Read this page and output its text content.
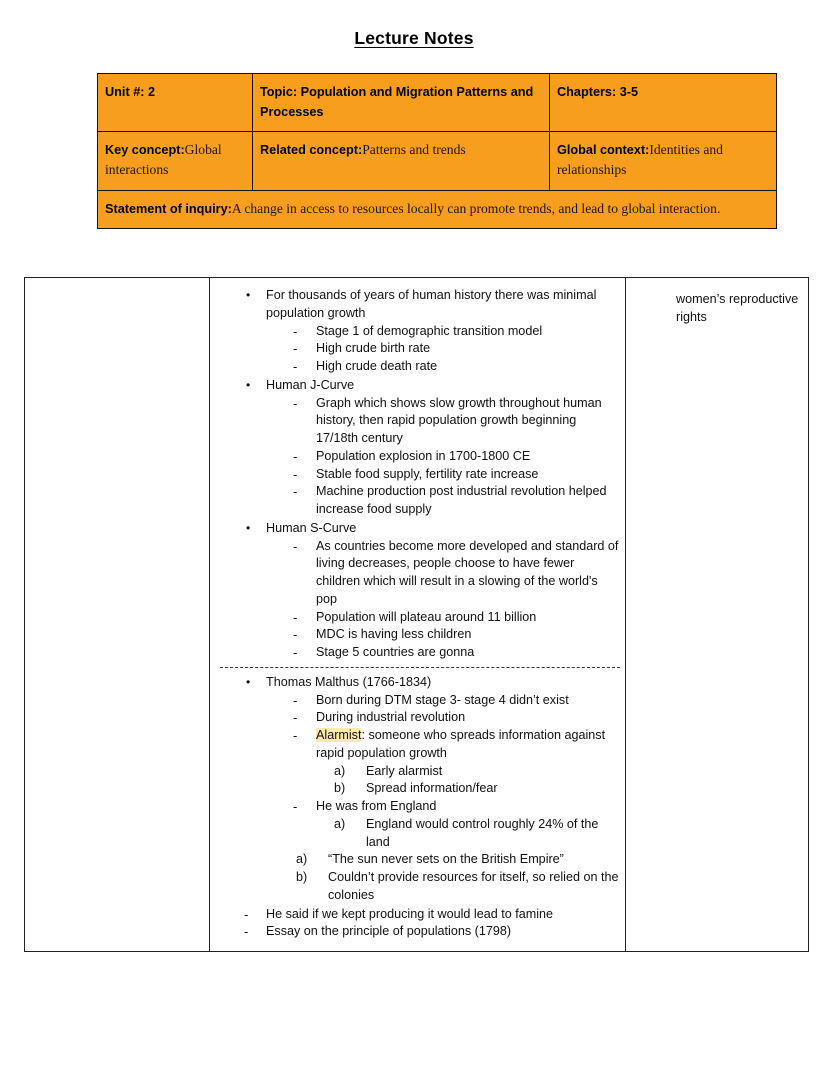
Lecture Notes
Unit #: 2	Topic: Population and Migration Patterns and Processes	Chapters: 3-5
Key concept:Global interactions	Related concept:Patterns and trends	Global context:Identities and relationships
Statement of inquiry:A change in access to resources locally can promote trends, and lead to global interaction.		

•	For thousands of years of human history there was minimal population growth
-	Stage 1 of demographic transition model
-	High crude birth rate
-	High crude death rate
•	Human J-Curve
-	Graph which shows slow growth throughout human history, then rapid population growth beginning 17/18th century
-	Population explosion in 1700-1800 CE
-	Stable food supply, fertility rate increase
-	Machine production post industrial revolution helped increase food supply
•	Human S-Curve
-	As countries become more developed and standard of living decreases, people choose to have fewer children which will result in a slowing of the world's pop
-	Population will plateau around 11 billion
-	MDC is having less children
-	Stage 5 countries are gonna
•	Thomas Malthus (1766-1834)
-	Born during DTM stage 3- stage 4 didn’t exist
-	During industrial revolution
-	Alarmist: someone who spreads information against rapid population growth
a)	Early alarmist
b)	Spread information/fear
-	He was from England
a)	England would control roughly 24% of the land
a)	“The sun never sets on the British Empire”
b)	Couldn’t provide resources for itself, so relied on the colonies
-	He said if we kept producing it would lead to famine
-	Essay on the principle of populations (1798)

women’s reproductive rights
